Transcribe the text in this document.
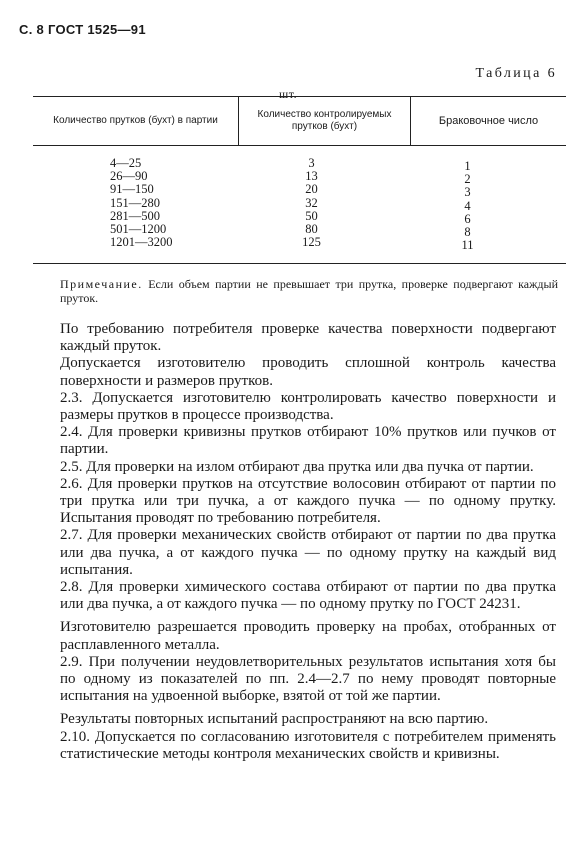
С. 8 ГОСТ 1525—91
Таблица 6
шт.
Количество прутков (бухт) в партии
Количество контролируемых прутков (бухт)	Браковочное число
4—25
26—90
91—150
151—280
281—500
501—1200
1201—3200
3
13
20
32
50
80
125
1
2
3
4
6
8
11
Примечание. Если объем партии не превышает три прутка, проверке подвергают каждый пруток.

По требованию потребителя проверке качества поверхности подвергают каждый пруток.

Допускается изготовителю проводить сплошной контроль качества поверхности и размеров прутков.

2.3. Допускается изготовителю контролировать качество поверхности и размеры прутков в процессе производства.

2.4. Для проверки кривизны прутков отбирают 10% прутков или пучков от партии.

2.5. Для проверки на излом отбирают два прутка или два пучка от партии.

2.6. Для проверки прутков на отсутствие волосовин отбирают от партии по три прутка или три пучка, а от каждого пучка — по одному прутку. Испытания проводят по требованию потребителя.

2.7. Для проверки механических свойств отбирают от партии по два прутка или два пучка, а от каждого пучка — по одному прутку на каждый вид испытания.

2.8. Для проверки химического состава отбирают от партии по два прутка или два пучка, а от каждого пучка — по одному прутку по ГОСТ 24231.

Изготовителю разрешается проводить проверку на пробах, отобранных от расплавленного металла.

2.9. При получении неудовлетворительных результатов испытания хотя бы по одному из показателей по пп. 2.4—2.7 по нему проводят повторные испытания на удвоенной выборке, взятой от той же партии.

Результаты повторных испытаний распространяют на всю партию.

2.10. Допускается по согласованию изготовителя с потребителем применять статистические методы контроля механических свойств и кривизны.
